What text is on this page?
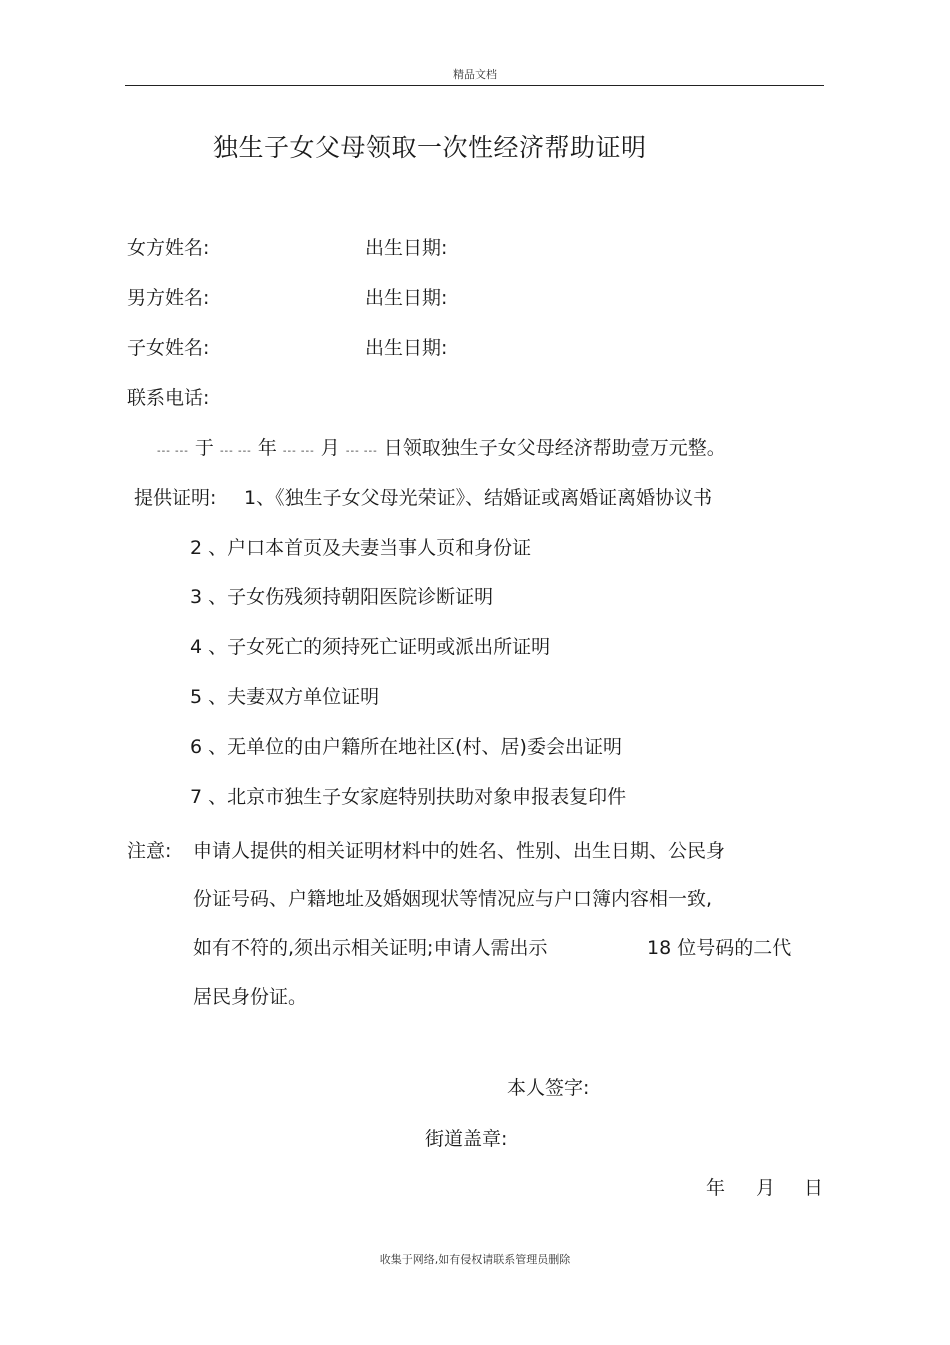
精品文档
独生子女父母领取一次性经济帮助证明
女方姓名:	出生日期:
男方姓名:	出生日期:
子女姓名:	出生日期:
联系电话:
--- --- 于 --- --- 年 --- --- 月 --- --- 日领取独生子女父母经济帮助壹万元整。
提供证明: 1、《独生子女父母光荣证》、结婚证或离婚证离婚协议书
2 、户口本首页及夫妻当事人页和身份证
3 、子女伤残须持朝阳医院诊断证明
4 、子女死亡的须持死亡证明或派出所证明
5 、夫妻双方单位证明
6 、无单位的由户籍所在地社区(村、居)委会出证明
7 、北京市独生子女家庭特别扶助对象申报表复印件
注意: 申请人提供的相关证明材料中的姓名、性别、出生日期、公民身
份证号码、户籍地址及婚姻现状等情况应与户口簿内容相一致,
如有不符的,须出示相关证明;申请人需出示	18 位号码的二代
居民身份证。
本人签字:
街道盖章:
年 月 日
收集于网络,如有侵权请联系管理员删除
